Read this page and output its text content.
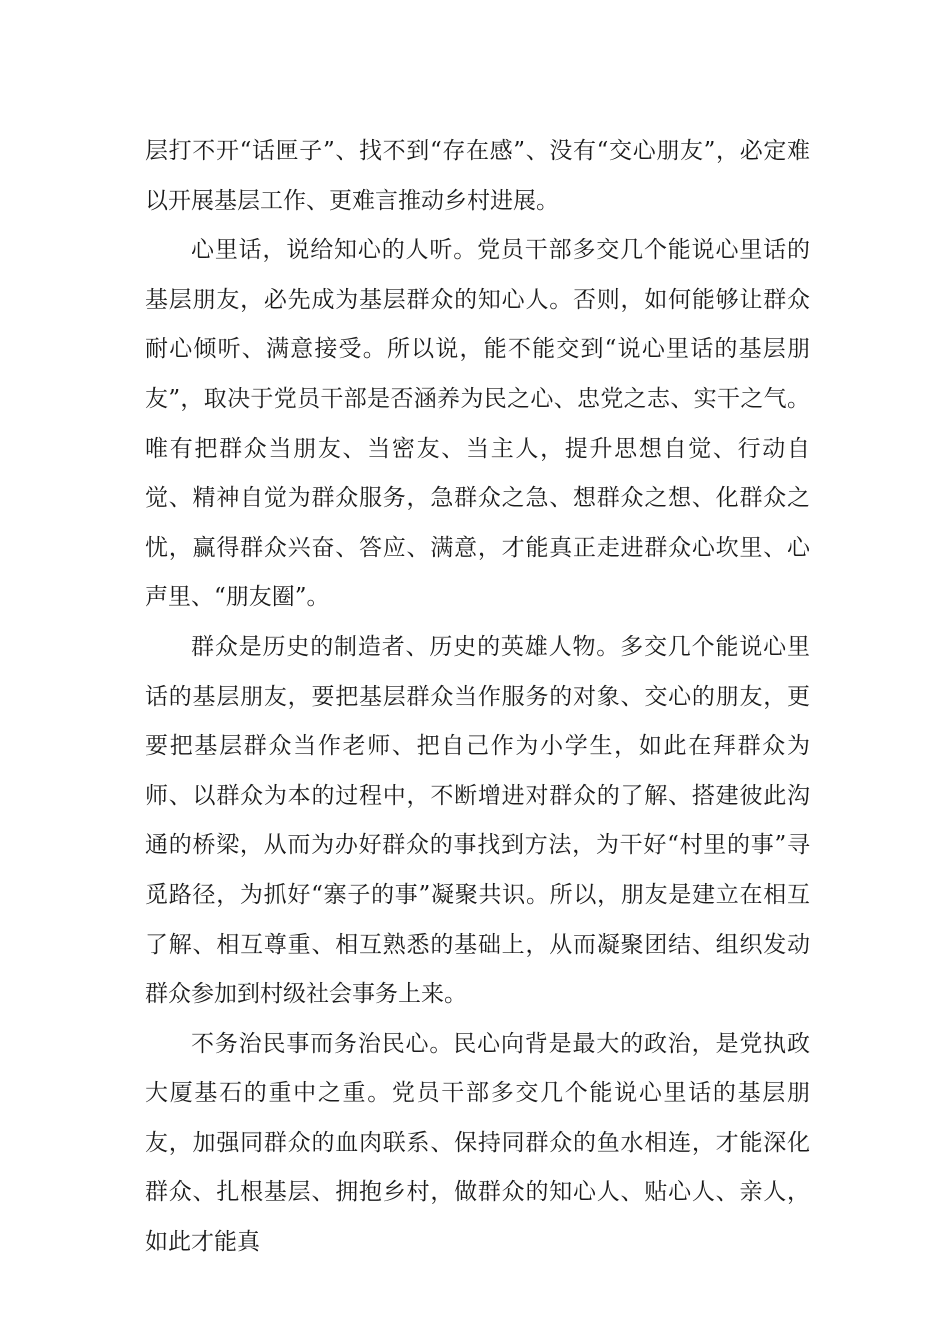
层打不开“话匣子”、找不到“存在感”、没有“交心朋友”，必定难以开展基层工作、更难言推动乡村进展。

心里话，说给知心的人听。党员干部多交几个能说心里话的基层朋友，必先成为基层群众的知心人。否则，如何能够让群众耐心倾听、满意接受。所以说，能不能交到“说心里话的基层朋友”，取决于党员干部是否涵养为民之心、忠党之志、实干之气。唯有把群众当朋友、当密友、当主人，提升思想自觉、行动自觉、精神自觉为群众服务，急群众之急、想群众之想、化群众之忧，赢得群众兴奋、答应、满意，才能真正走进群众心坎里、心声里、“朋友圈”。

群众是历史的制造者、历史的英雄人物。多交几个能说心里话的基层朋友，要把基层群众当作服务的对象、交心的朋友，更要把基层群众当作老师、把自己作为小学生，如此在拜群众为师、以群众为本的过程中，不断增进对群众的了解、搭建彼此沟通的桥梁，从而为办好群众的事找到方法，为干好“村里的事”寻觅路径，为抓好“寨子的事”凝聚共识。所以，朋友是建立在相互了解、相互尊重、相互熟悉的基础上，从而凝聚团结、组织发动群众参加到村级社会事务上来。

不务治民事而务治民心。民心向背是最大的政治，是党执政大厦基石的重中之重。党员干部多交几个能说心里话的基层朋友，加强同群众的血肉联系、保持同群众的鱼水相连，才能深化群众、扎根基层、拥抱乡村，做群众的知心人、贴心人、亲人，如此才能真
